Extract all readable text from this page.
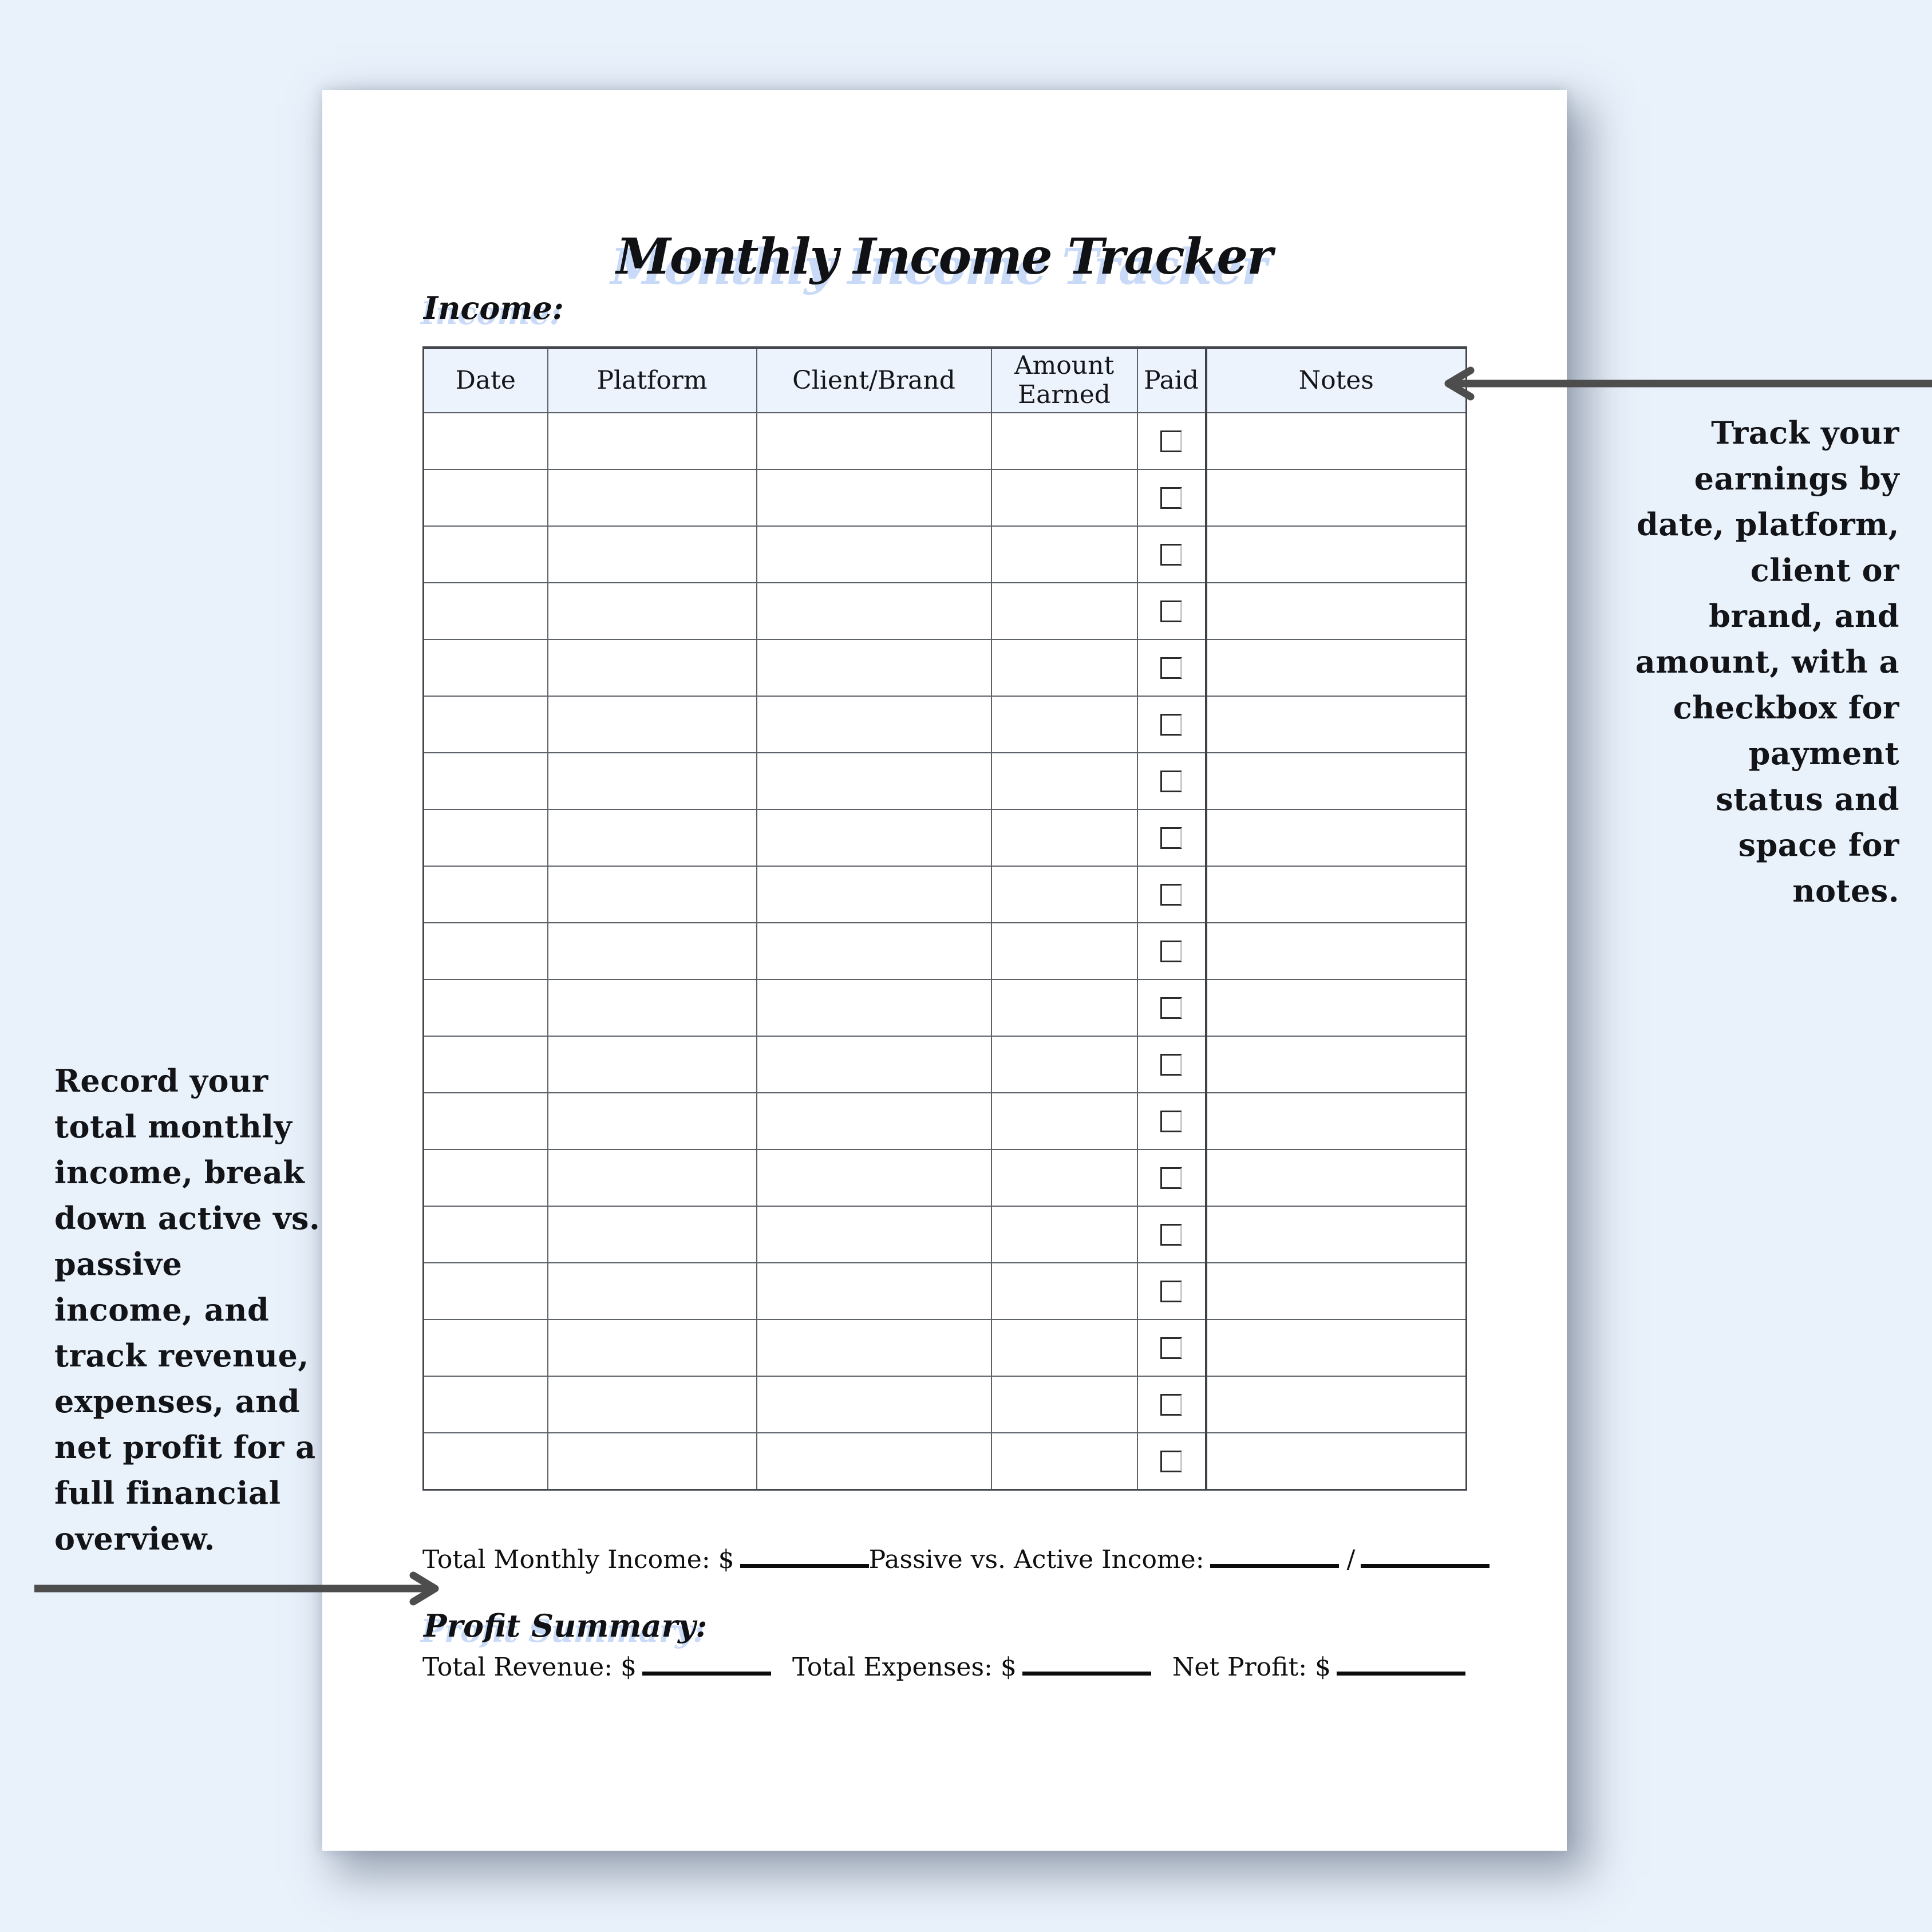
Monthly Income Tracker
Income:
Date	Platform	Client/Brand	Amount Earned	Paid	Notes

Total Monthly Income: $	Passive vs. Active Income:	/
Profit Summary:
Total Revenue: $	Total Expenses: $	Net Profit: $
Track your
earnings by
date, platform,
client or
brand, and
amount, with a
checkbox for
payment
status and
space for
notes.
Record your
total monthly
income, break
down active vs.
passive
income, and
track revenue,
expenses, and
net profit for a
full financial
overview.
